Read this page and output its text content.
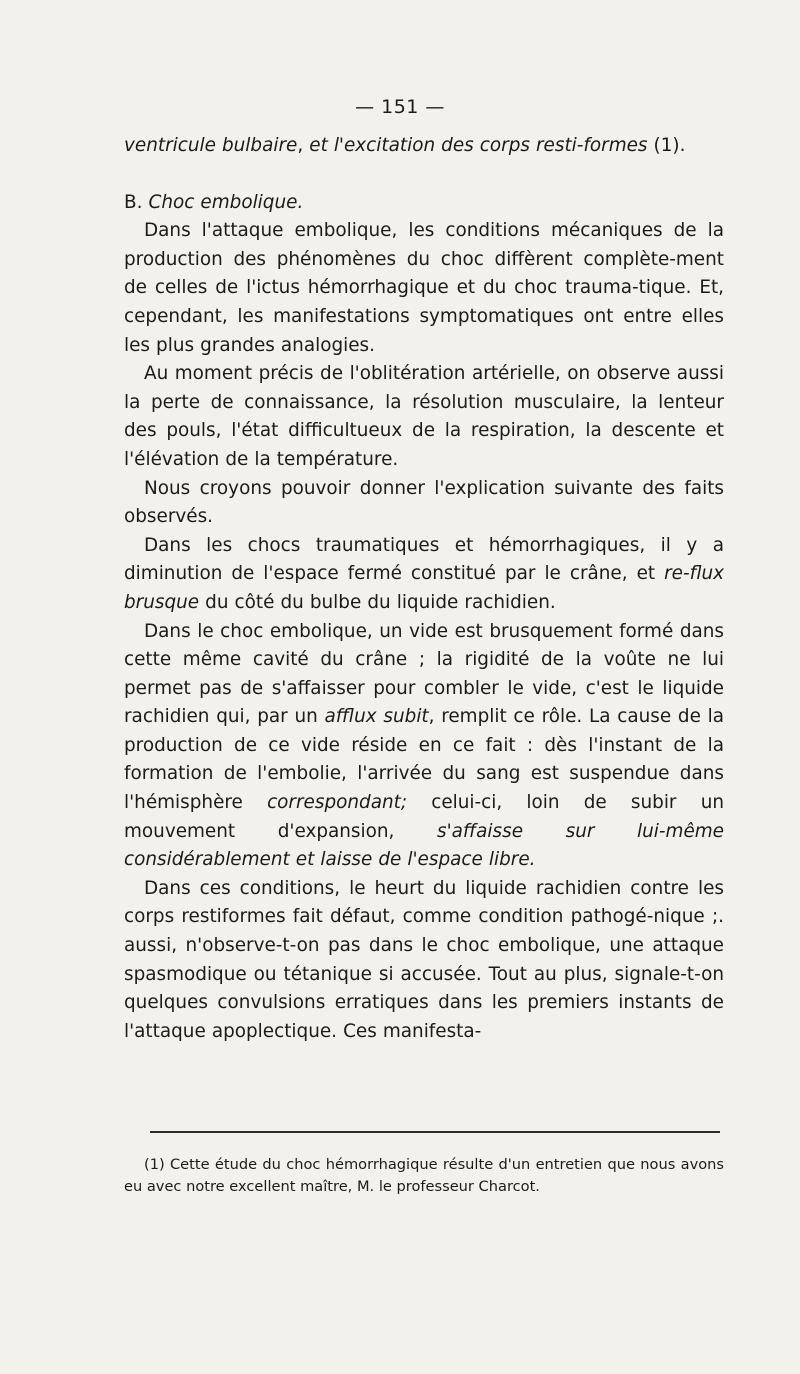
— 151 —

ventricule bulbaire, et l'excitation des corps resti-formes (1).

B. Choc embolique.

Dans l'attaque embolique, les conditions mécaniques de la production des phénomènes du choc diffèrent complète-ment de celles de l'ictus hémorrhagique et du choc trauma-tique. Et, cependant, les manifestations symptomatiques ont entre elles les plus grandes analogies.

Au moment précis de l'oblitération artérielle, on observe aussi la perte de connaissance, la résolution musculaire, la lenteur des pouls, l'état difficultueux de la respiration, la descente et l'élévation de la température.

Nous croyons pouvoir donner l'explication suivante des faits observés.

Dans les chocs traumatiques et hémorrhagiques, il y a diminution de l'espace fermé constitué par le crâne, et re-flux brusque du côté du bulbe du liquide rachidien.

Dans le choc embolique, un vide est brusquement formé dans cette même cavité du crâne ; la rigidité de la voûte ne lui permet pas de s'affaisser pour combler le vide, c'est le liquide rachidien qui, par un afflux subit, remplit ce rôle. La cause de la production de ce vide réside en ce fait : dès l'instant de la formation de l'embolie, l'arrivée du sang est suspendue dans l'hémisphère correspondant; celui-ci, loin de subir un mouvement d'expansion, s'affaisse sur lui-même considérablement et laisse de l'espace libre.

Dans ces conditions, le heurt du liquide rachidien contre les corps restiformes fait défaut, comme condition pathogé-nique ;. aussi, n'observe-t-on pas dans le choc embolique, une attaque spasmodique ou tétanique si accusée. Tout au plus, signale-t-on quelques convulsions erratiques dans les premiers instants de l'attaque apoplectique. Ces manifesta-

(1) Cette étude du choc hémorrhagique résulte d'un entretien que nous avons eu avec notre excellent maître, M. le professeur Charcot.
